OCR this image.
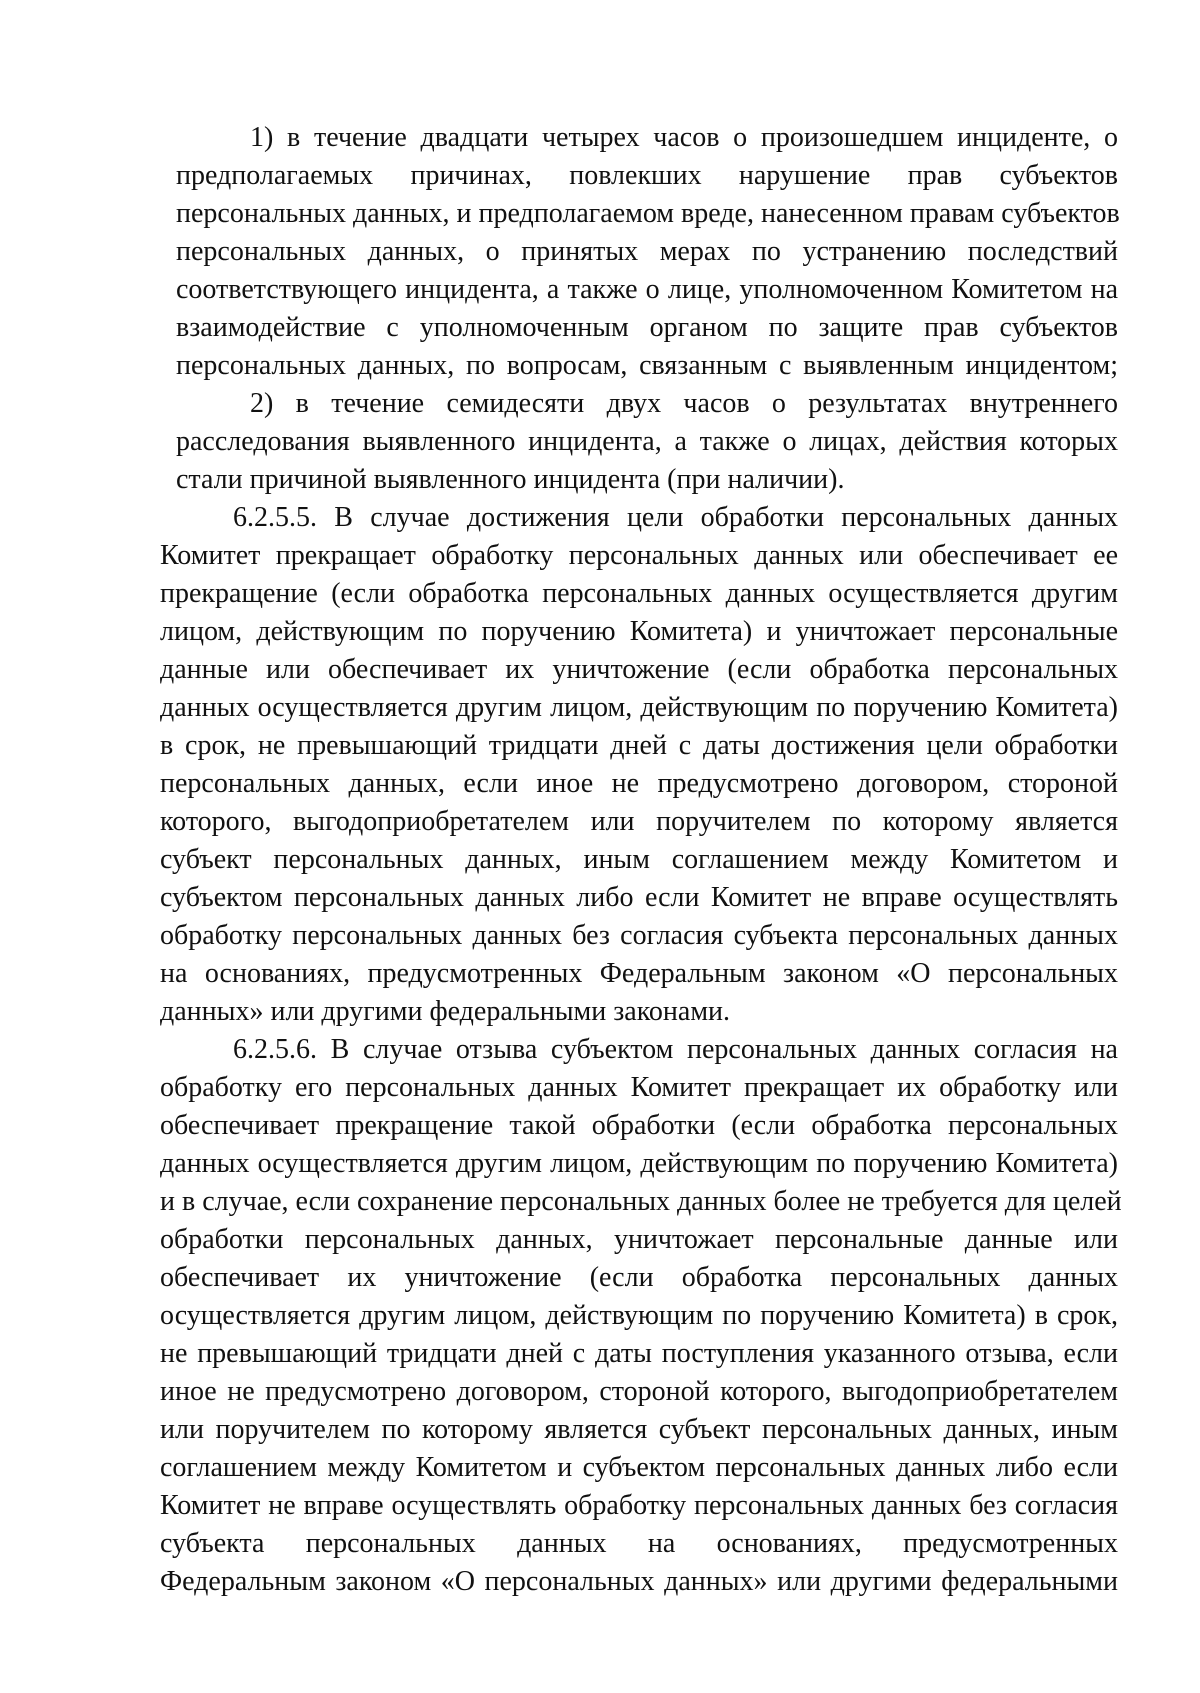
1) в течение двадцати четырех часов о произошедшем инциденте, о

предполагаемых причинах, повлекших нарушение прав субъектов

персональных данных, и предполагаемом вреде, нанесенном правам субъектов

персональных данных, о принятых мерах по устранению последствий

соответствующего инцидента, а также о лице, уполномоченном Комитетом на

взаимодействие с уполномоченным органом по защите прав субъектов

персональных данных, по вопросам, связанным с выявленным инцидентом;

2) в течение семидесяти двух часов о результатах внутреннего

расследования выявленного инцидента, а также о лицах, действия которых

стали причиной выявленного инцидента (при наличии).

6.2.5.5. В случае достижения цели обработки персональных данных

Комитет прекращает обработку персональных данных или обеспечивает ее

прекращение (если обработка персональных данных осуществляется другим

лицом, действующим по поручению Комитета) и уничтожает персональные

данные или обеспечивает их уничтожение (если обработка персональных

данных осуществляется другим лицом, действующим по поручению Комитета)

в срок, не превышающий тридцати дней с даты достижения цели обработки

персональных данных, если иное не предусмотрено договором, стороной

которого, выгодоприобретателем или поручителем по которому является

субъект персональных данных, иным соглашением между Комитетом и

субъектом персональных данных либо если Комитет не вправе осуществлять

обработку персональных данных без согласия субъекта персональных данных

на основаниях, предусмотренных Федеральным законом «О персональных

данных» или другими федеральными законами.

6.2.5.6. В случае отзыва субъектом персональных данных согласия на

обработку его персональных данных Комитет прекращает их обработку или

обеспечивает прекращение такой обработки (если обработка персональных

данных осуществляется другим лицом, действующим по поручению Комитета)

и в случае, если сохранение персональных данных более не требуется для целей

обработки персональных данных, уничтожает персональные данные или

обеспечивает их уничтожение (если обработка персональных данных

осуществляется другим лицом, действующим по поручению Комитета) в срок,

не превышающий тридцати дней с даты поступления указанного отзыва, если

иное не предусмотрено договором, стороной которого, выгодоприобретателем

или поручителем по которому является субъект персональных данных, иным

соглашением между Комитетом и субъектом персональных данных либо если

Комитет не вправе осуществлять обработку персональных данных без согласия

субъекта персональных данных на основаниях, предусмотренных

Федеральным законом «О персональных данных» или другими федеральными
